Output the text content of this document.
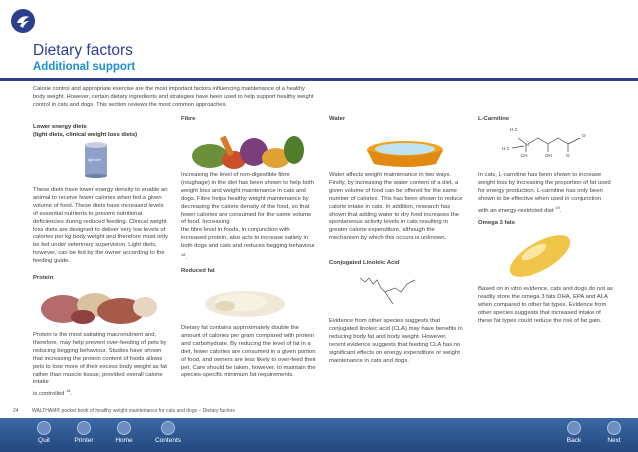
Dietary factors
Additional support
Calorie control and appropriate exercise are the most important factors influencing maintenance of a healthy body weight. However, certain dietary ingredients and strategies have been used to help support healthy weight control in cats and dogs. This section reviews the most common approaches.

Lower energy diets
(light diets, clinical weight loss diets)

light diet
These diets have lower energy density to enable an animal to receive fewer calories when fed a given volume of food. These diets have increased levels of essential nutrients to prevent nutritional deficiencies during reduced feeding. Clinical weight loss diets are designed to deliver very low levels of calories per kg body weight and therefore must only be fed under veterinary supervision. Light diets, however, can be fed by the owner according to the feeding guide.
Protein
Protein is the most satiating macronutrient and, therefore, may help prevent over-feeding of pets by reducing begging behaviour. Studies have shown that increasing the protein content of foods allows pets to lose more of their excess body weight as fat rather than muscle tissue, provided overall calorie intake
is controlled $^{18}$.
Fibre
Increasing the level of non-digestible fibre (roughage) in the diet has been shown to help both weight loss and weight maintenance in cats and dogs. Fibre helps healthy weight maintenance by decreasing the calorie density of the food, so that fewer calories are consumed for the same volume of food. Increasing
the fibre level in foods, in conjunction with increased protein, also acts to increase satiety in both dogs and cats and reduces begging behaviour $^{18}$.
Reduced fat
Dietary fat contains approximately double the amount of calories per gram compared with protein and carbohydrate. By reducing the level of fat in a diet, fewer calories are consumed in a given portion of food, and owners are less likely to over-feed their pet. Care should be taken, however, to maintain the species-specific minimum fat requirements.
Water
Water affects weight maintenance in two ways. Firstly, by increasing the water content of a diet, a given volume of food can be offered for the same number of calories. This has been shown to reduce calorie intake in cats. In addition, research has shown that adding water to dry food increases the spontaneous activity levels in cats resulting in greater calorie expenditure, although the mechanism by which this occurs is unknown.
Conjugated Linoleic Acid
Evidence from other species suggests that conjugated linoleic acid (CLA) may have benefits in reducing body fat and body weight. However, recent evidence suggests that feeding CLA has no significant effects on energy expenditure or weight maintenance in cats and dogs.
L-Carnitine
N
+
H C
H C
CH	OH	O
O
In cats, L-carnitine has been shown to increase weight loss by increasing the proportion of fat used for energy production. L-carnitine has only been shown to be effective when used in conjunction with an energy-restricted diet $^{19}$.
Omega 3 fats
Based on in vitro evidence, cats and dogs do not as readily store the omega 3 fats DHA, EPA and ALA when compared to other fat types. Evidence from other species suggests that increased intake of these fat types could reduce the risk of fat gain.
24	WALTHAM® pocket book of healthy weight maintenance for cats and dogs – Dietary factors
Quit	Printer	Home	Contents	Back	Next
